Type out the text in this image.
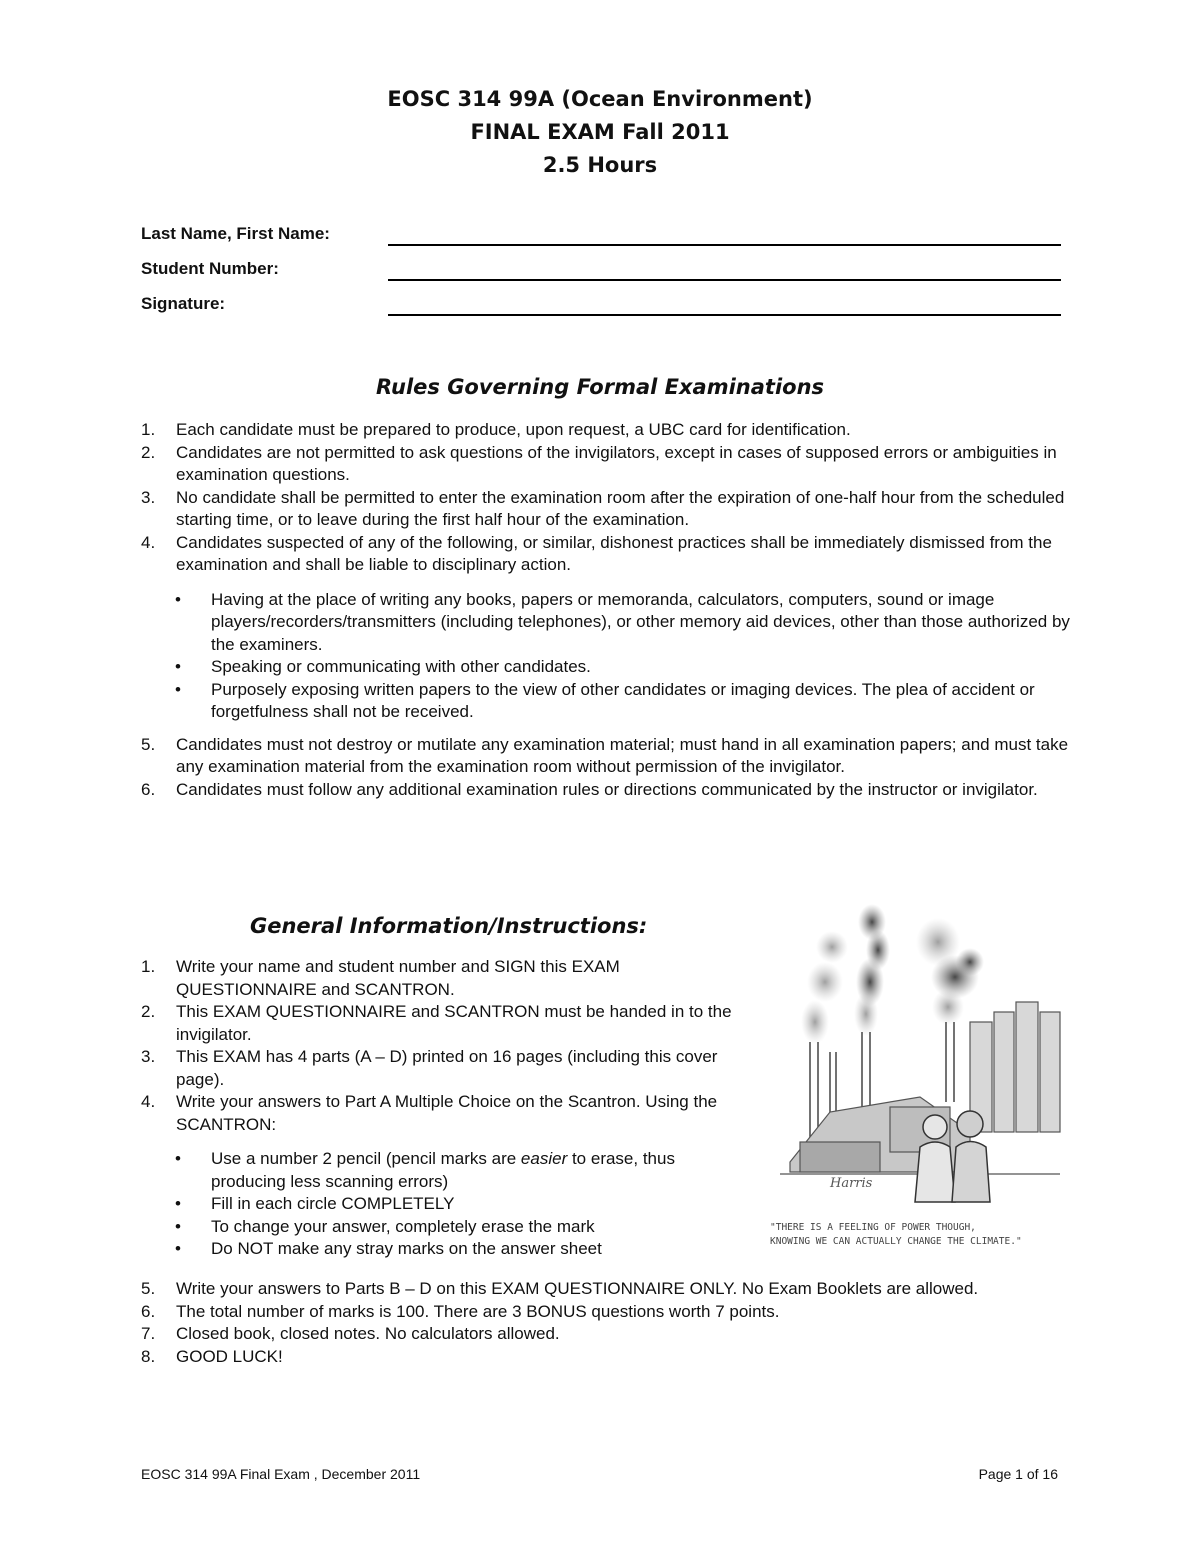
EOSC 314 99A (Ocean Environment)
FINAL EXAM Fall 2011
2.5 Hours
Last Name, First Name:
Student Number:
Signature:
Rules Governing Formal Examinations
1.	Each candidate must be prepared to produce, upon request, a UBC card for identification.
2.	Candidates are not permitted to ask questions of the invigilators, except in cases of supposed errors or ambiguities in examination questions.
3.	No candidate shall be permitted to enter the examination room after the expiration of one-half hour from the scheduled starting time, or to leave during the first half hour of the examination.
4.	Candidates suspected of any of the following, or similar, dishonest practices shall be immediately dismissed from the examination and shall be liable to disciplinary action.
• Having at the place of writing any books, papers or memoranda, calculators, computers, sound or image players/recorders/transmitters (including telephones), or other memory aid devices, other than those authorized by the examiners.
• Speaking or communicating with other candidates.
• Purposely exposing written papers to the view of other candidates or imaging devices. The plea of accident or forgetfulness shall not be received.
5.	Candidates must not destroy or mutilate any examination material; must hand in all examination papers; and must take any examination material from the examination room without permission of the invigilator.
6.	Candidates must follow any additional examination rules or directions communicated by the instructor or invigilator.
General Information/Instructions:
1.	Write your name and student number and SIGN this EXAM QUESTIONNAIRE and SCANTRON.
2.	This EXAM QUESTIONNAIRE and SCANTRON must be handed in to the invigilator.
3.	This EXAM has 4 parts (A – D) printed on 16 pages (including this cover page).
4.	Write your answers to Part A Multiple Choice on the Scantron. Using the SCANTRON:
• Use a number 2 pencil (pencil marks are easier to erase, thus producing less scanning errors)
• Fill in each circle COMPLETELY
• To change your answer, completely erase the mark
• Do NOT make any stray marks on the answer sheet
5.	Write your answers to Parts B – D on this EXAM QUESTIONNAIRE ONLY. No Exam Booklets are allowed.
6.	The total number of marks is 100. There are 3 BONUS questions worth 7 points.
7.	Closed book, closed notes. No calculators allowed.
8.	GOOD LUCK!
Harris
"THERE IS A FEELING OF POWER THOUGH,
KNOWING WE CAN ACTUALLY CHANGE THE CLIMATE."
EOSC 314 99A Final Exam , December 2011	Page 1 of 16
